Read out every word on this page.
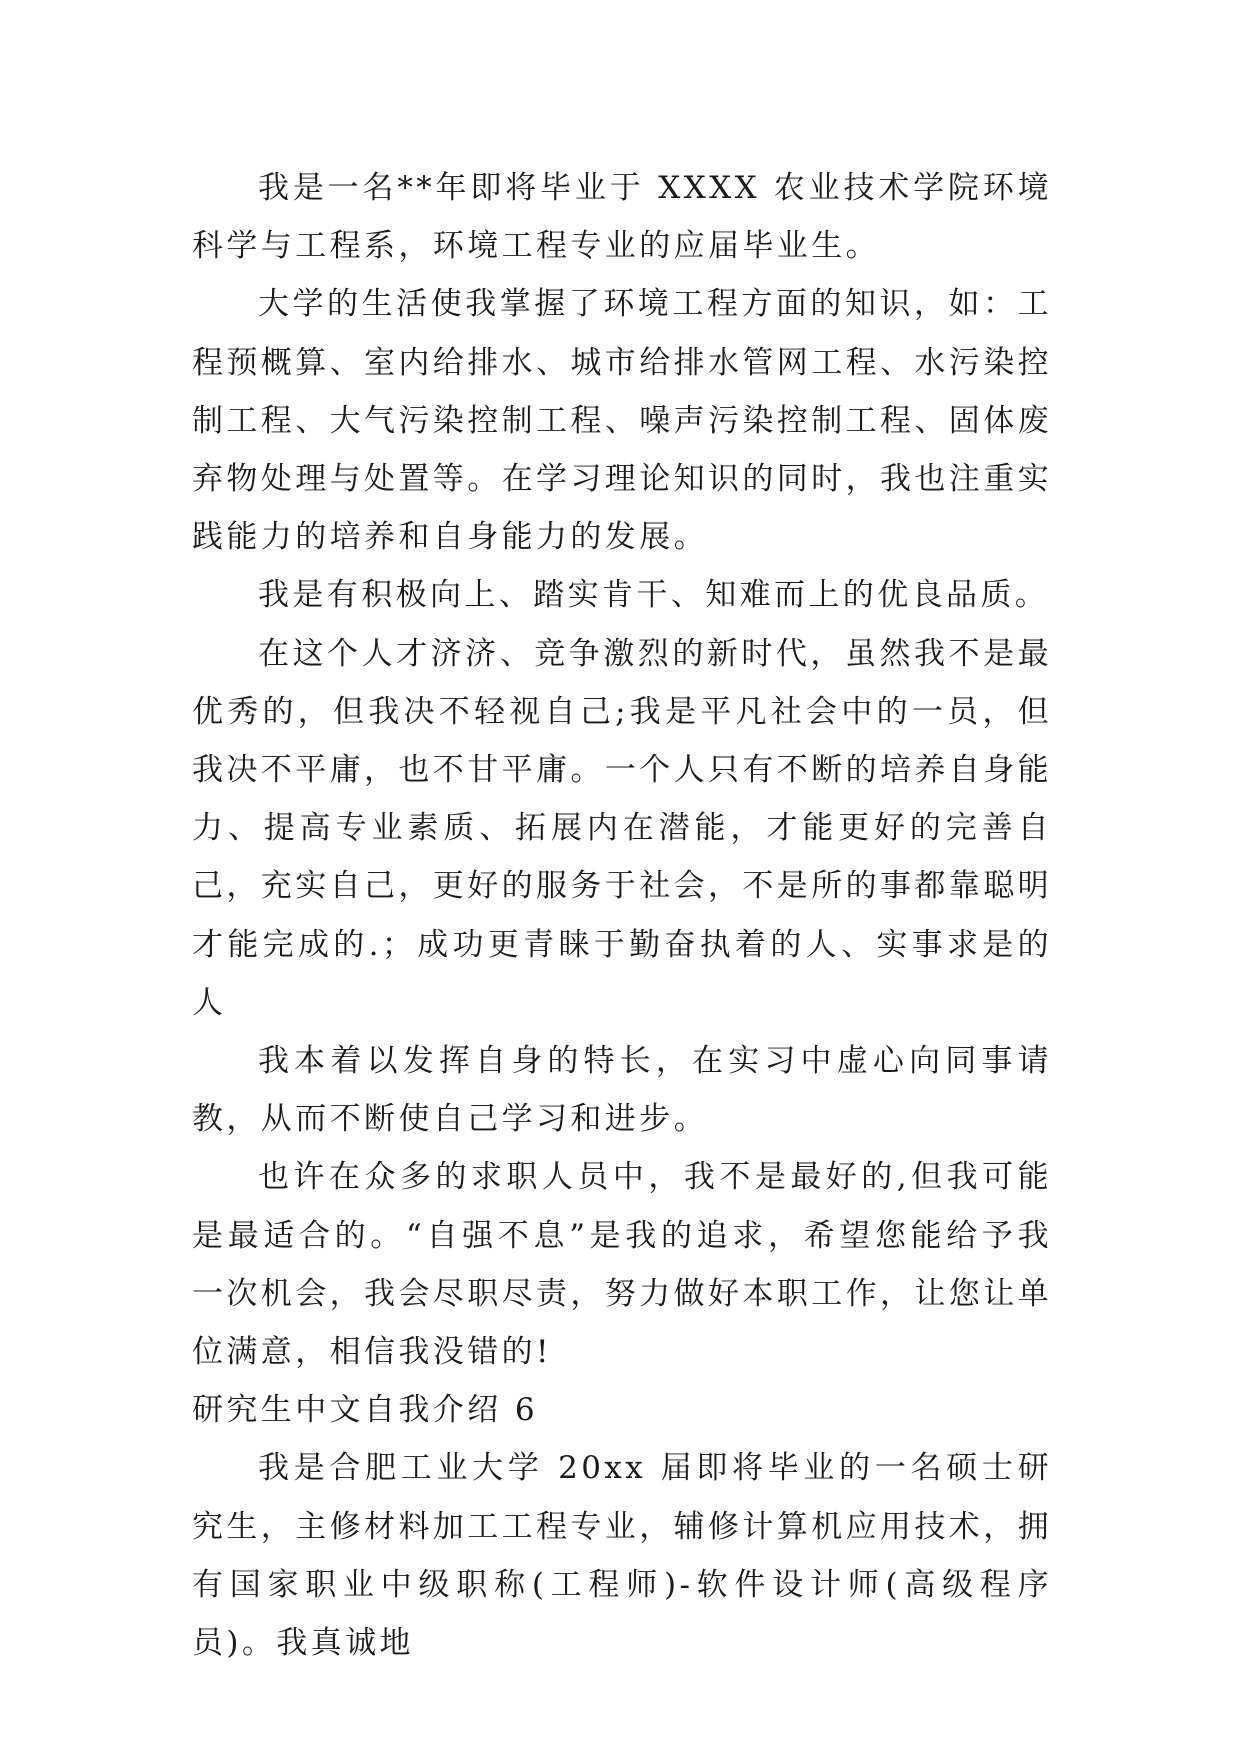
我是一名**年即将毕业于 XXXX 农业技术学院环境科学与工程系，环境工程专业的应届毕业生。

大学的生活使我掌握了环境工程方面的知识，如：工程预概算、室内给排水、城市给排水管网工程、水污染控制工程、大气污染控制工程、噪声污染控制工程、固体废弃物处理与处置等。在学习理论知识的同时，我也注重实践能力的培养和自身能力的发展。

我是有积极向上、踏实肯干、知难而上的优良品质。

在这个人才济济、竞争激烈的新时代，虽然我不是最优秀的，但我决不轻视自己;我是平凡社会中的一员，但我决不平庸，也不甘平庸。一个人只有不断的培养自身能力、提高专业素质、拓展内在潜能，才能更好的完善自己，充实自己，更好的服务于社会，不是所的事都靠聪明才能完成的.；成功更青睐于勤奋执着的人、实事求是的人

我本着以发挥自身的特长，在实习中虚心向同事请教，从而不断使自己学习和进步。

也许在众多的求职人员中，我不是最好的,但我可能是最适合的。“自强不息”是我的追求，希望您能给予我一次机会，我会尽职尽责，努力做好本职工作，让您让单位满意，相信我没错的!

研究生中文自我介绍 6

我是合肥工业大学 20xx 届即将毕业的一名硕士研究生，主修材料加工工程专业，辅修计算机应用技术，拥有国家职业中级职称(工程师)-软件设计师(高级程序员)。我真诚地
